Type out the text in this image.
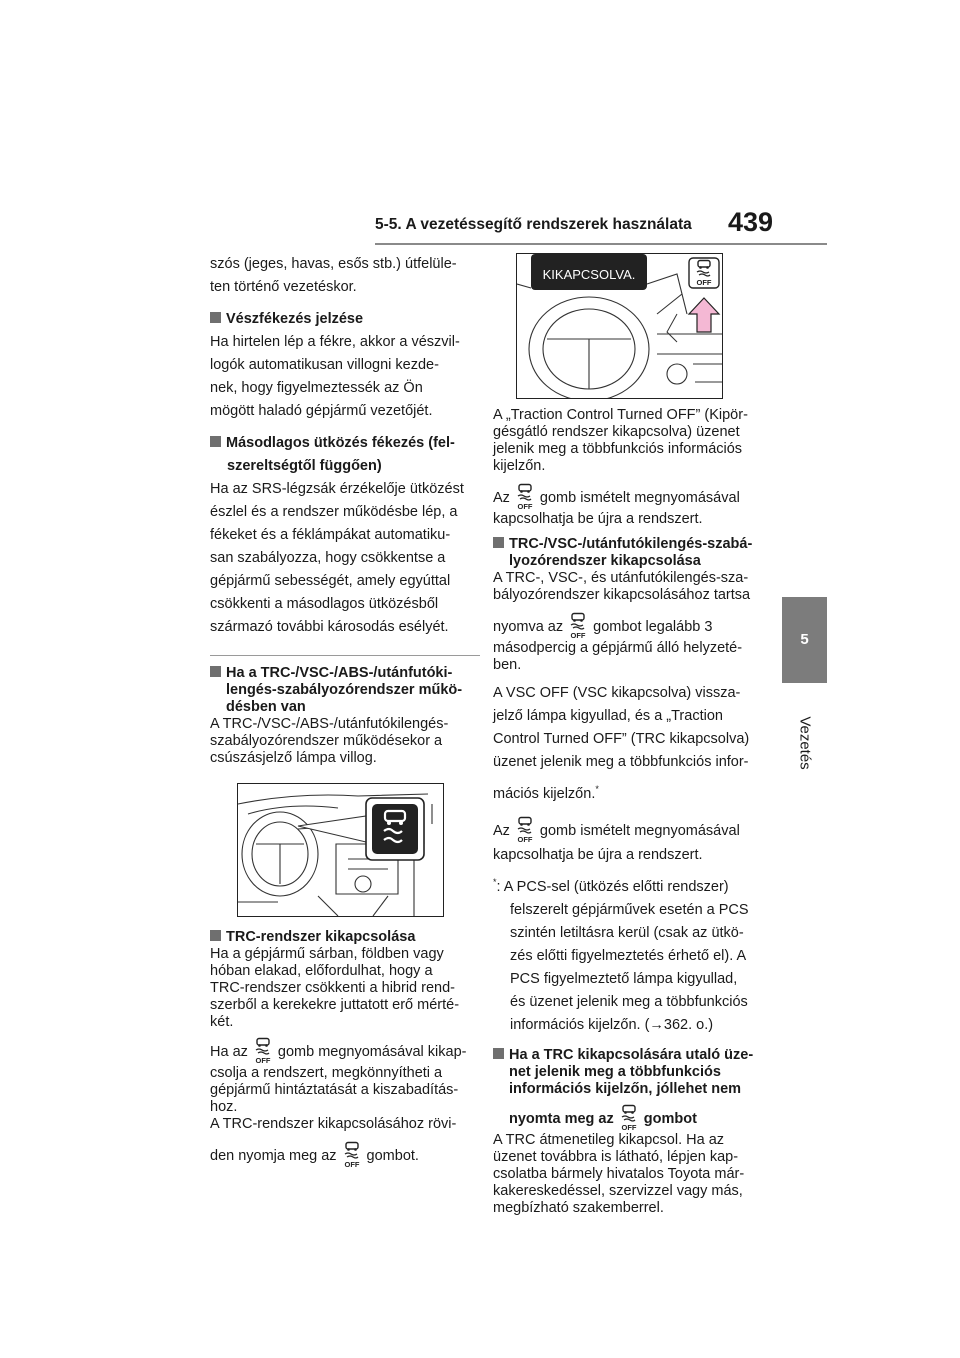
5-5. A vezetéssegítő rendszerek használata 439
5
Vezetés

szós (jeges, havas, esős stb.) útfelüle-

ten történő vezetéskor.

Vészfékezés jelzése

Ha hirtelen lép a fékre, akkor a vészvil-

logók automatikusan villogni kezde-

nek, hogy figyelmeztessék az Ön

mögött haladó gépjármű vezetőjét.

Másodlagos ütközés fékezés (fel-

szereltségtől függően)

Ha az SRS-légzsák érzékelője ütközést

észlel és a rendszer működésbe lép, a

fékeket és a féklámpákat automatiku-

san szabályozza, hogy csökkentse a

gépjármű sebességét, amely egyúttal

csökkenti a másodlagos ütközésből

származó további károsodás esélyét.

Ha a TRC-/VSC-/ABS-/utánfutóki-

lengés-szabályozórendszer műkö-

désben van

A TRC-/VSC-/ABS-/utánfutókilengés-

szabályozórendszer működésekor a

csúszásjelző lámpa villog.

TRC-rendszer kikapcsolása

Ha a gépjármű sárban, földben vagy

hóban elakad, előfordulhat, hogy a

TRC-rendszer csökkenti a hibrid rend-

szerből a kerekekre juttatott erő mérté-

két.

Ha az gomb megnyomásával kikap-

csolja a rendszert, megkönnyítheti a

gépjármű hintáztatását a kiszabadítás-

hoz.

A TRC-rendszer kikapcsolásához rövi-

den nyomja meg az gombot.

KIKAPCSOLVA.

A „Traction Control Turned OFF” (Kipör-

gésgátló rendszer kikapcsolva) üzenet

jelenik meg a többfunkciós információs

kijelzőn.

Az gomb ismételt megnyomásával

kapcsolhatja be újra a rendszert.

TRC-/VSC-/utánfutókilengés-szabá-

lyozórendszer kikapcsolása

A TRC-, VSC-, és utánfutókilengés-sza-

bályozórendszer kikapcsolásához tartsa

nyomva az gombot legalább 3

másodpercig a gépjármű álló helyzeté-

ben.

A VSC OFF (VSC kikapcsolva) vissza-

jelző lámpa kigyullad, és a „Traction

Control Turned OFF” (TRC kikapcsolva)

üzenet jelenik meg a többfunkciós infor-

mációs kijelzőn.*

Az gomb ismételt megnyomásával

kapcsolhatja be újra a rendszert.

*: A PCS-sel (ütközés előtti rendszer)

felszerelt gépjárművek esetén a PCS

szintén letiltásra kerül (csak az ütkö-

zés előtti figyelmeztetés érhető el). A

PCS figyelmeztető lámpa kigyullad,

és üzenet jelenik meg a többfunkciós

információs kijelzőn. (→362. o.)

Ha a TRC kikapcsolására utaló üze-

net jelenik meg a többfunkciós

információs kijelzőn, jóllehet nem

nyomta meg az gombot

A TRC átmenetileg kikapcsol. Ha az

üzenet továbbra is látható, lépjen kap-

csolatba bármely hivatalos Toyota már-

kakereskedéssel, szervizzel vagy más,

megbízható szakemberrel.
